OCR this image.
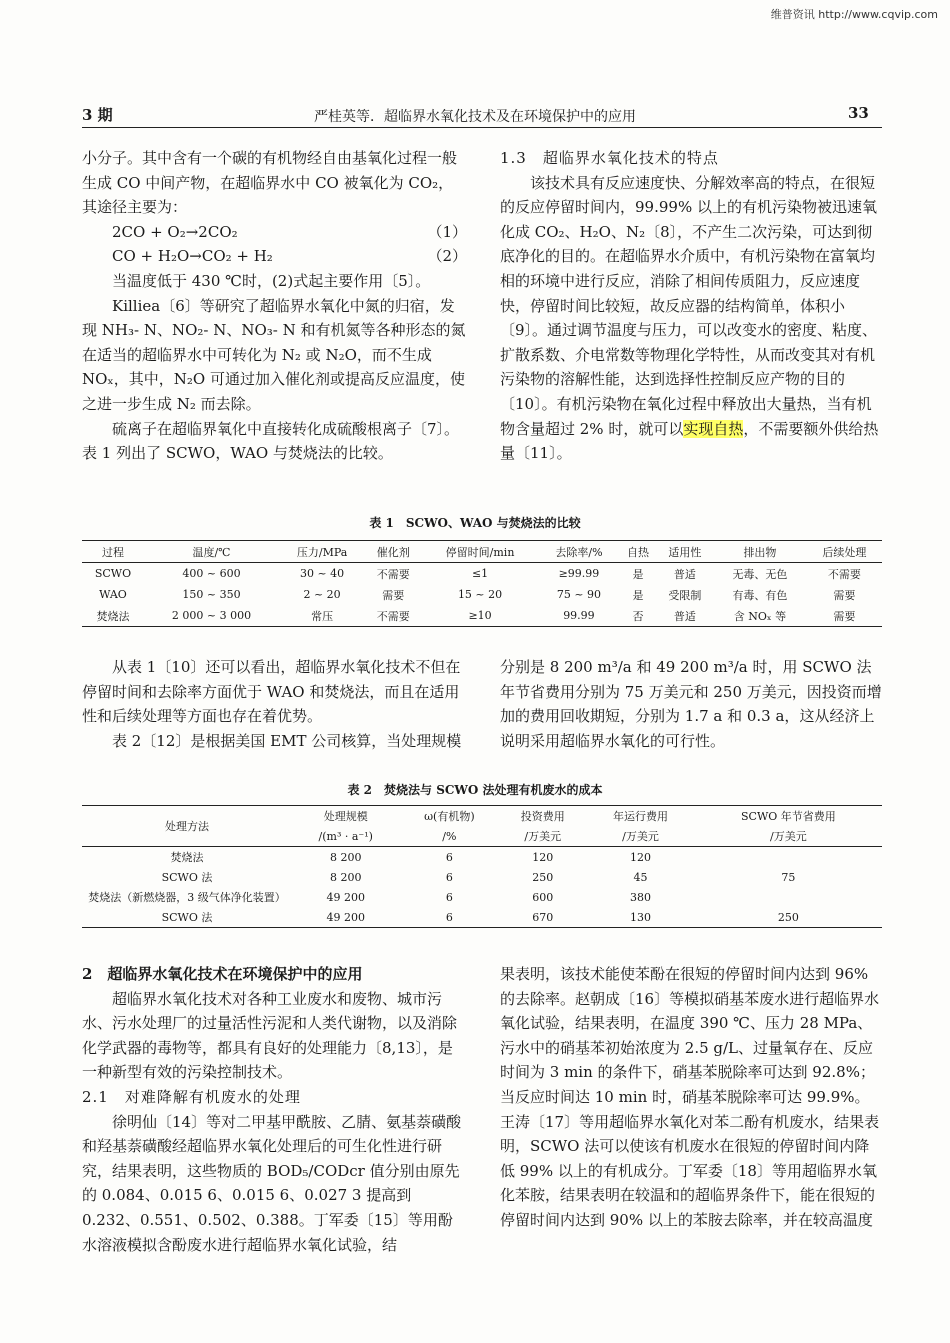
维普资讯 http://www.cqvip.com
3 期	严桂英等．超临界水氧化技术及在环境保护中的应用	33

小分子。其中含有一个碳的有机物经自由基氧化过程一般生成 CO 中间产物，在超临界水中 CO 被氧化为 CO₂，其途径主要为：

2CO + O₂→2CO₂	（1）
CO + H₂O→CO₂ + H₂	（2）

当温度低于 430 ℃时，(2)式起主要作用〔5〕。

Killiea〔6〕等研究了超临界水氧化中氮的归宿，发现 NH₃- N、NO₂- N、NO₃- N 和有机氮等各种形态的氮在适当的超临界水中可转化为 N₂ 或 N₂O，而不生成 NOₓ，其中，N₂O 可通过加入催化剂或提高反应温度，使之进一步生成 N₂ 而去除。

硫离子在超临界氧化中直接转化成硫酸根离子〔7〕。表 1 列出了 SCWO，WAO 与焚烧法的比较。

1.3　超临界水氧化技术的特点

该技术具有反应速度快、分解效率高的特点，在很短的反应停留时间内，99.99% 以上的有机污染物被迅速氧化成 CO₂、H₂O、N₂〔8〕，不产生二次污染，可达到彻底净化的目的。在超临界水介质中，有机污染物在富氧均相的环境中进行反应，消除了相间传质阻力，反应速度快，停留时间比较短，故反应器的结构简单，体积小〔9〕。通过调节温度与压力，可以改变水的密度、粘度、扩散系数、介电常数等物理化学特性，从而改变其对有机污染物的溶解性能，达到选择性控制反应产物的目的〔10〕。有机污染物在氧化过程中释放出大量热，当有机物含量超过 2% 时，就可以实现自热，不需要额外供给热量〔11〕。

表 1　SCWO、WAO 与焚烧法的比较
过程	温度/℃	压力/MPa	催化剂	停留时间/min	去除率/%	自热	适用性	排出物	后续处理
SCWO	400 ~ 600	30 ~ 40	不需要	≤1	≥99.99	是	普适	无毒、无色	不需要
WAO	150 ~ 350	2 ~ 20	需要	15 ~ 20	75 ~ 90	是	受限制	有毒、有色	需要
焚烧法	2 000 ~ 3 000	常压	不需要	≥10	99.99	否	普适	含 NOₓ 等	需要

从表 1〔10〕还可以看出，超临界水氧化技术不但在停留时间和去除率方面优于 WAO 和焚烧法，而且在适用性和后续处理等方面也存在着优势。

表 2〔12〕是根据美国 EMT 公司核算，当处理规模

分别是 8 200 m³/a 和 49 200 m³/a 时，用 SCWO 法年节省费用分别为 75 万美元和 250 万美元，因投资而增加的费用回收期短，分别为 1.7 a 和 0.3 a，这从经济上说明采用超临界水氧化的可行性。

表 2　焚烧法与 SCWO 法处理有机废水的成本
处理方法	处理规模	ω(有机物)	投资费用	年运行费用	SCWO 年节省费用
	/(m³ · a⁻¹)	/%	/万美元	/万美元	/万美元
焚烧法	8 200	6	120	120	
SCWO 法	8 200	6	250	45	75
焚烧法（新燃烧器，3 级气体净化装置）	49 200	6	600	380	
SCWO 法	49 200	6	670	130	250

2　超临界水氧化技术在环境保护中的应用

超临界水氧化技术对各种工业废水和废物、城市污水、污水处理厂的过量活性污泥和人类代谢物，以及消除化学武器的毒物等，都具有良好的处理能力〔8,13〕，是一种新型有效的污染控制技术。

2.1　对难降解有机废水的处理

徐明仙〔14〕等对二甲基甲酰胺、乙腈、氨基萘磺酸和羟基萘磺酸经超临界水氧化处理后的可生化性进行研究，结果表明，这些物质的 BOD₅/CODcr 值分别由原先的 0.084、0.015 6、0.015 6、0.027 3 提高到 0.232、0.551、0.502、0.388。丁军委〔15〕等用酚水溶液模拟含酚废水进行超临界水氧化试验，结

果表明，该技术能使苯酚在很短的停留时间内达到 96% 的去除率。赵朝成〔16〕等模拟硝基苯废水进行超临界水氧化试验，结果表明，在温度 390 ℃、压力 28 MPa、污水中的硝基苯初始浓度为 2.5 g/L、过量氧存在、反应时间为 3 min 的条件下，硝基苯脱除率可达到 92.8%；当反应时间达 10 min 时，硝基苯脱除率可达 99.9%。王涛〔17〕等用超临界水氧化对苯二酚有机废水，结果表明，SCWO 法可以使该有机废水在很短的停留时间内降低 99% 以上的有机成分。丁军委〔18〕等用超临界水氧化苯胺，结果表明在较温和的超临界条件下，能在很短的停留时间内达到 90% 以上的苯胺去除率，并在较高温度
